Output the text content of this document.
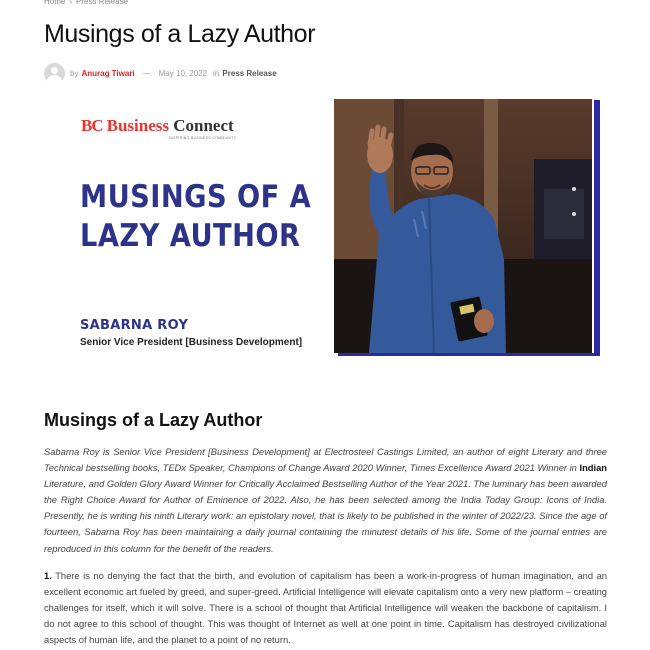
Home › Press Release
Musings of a Lazy Author
by Anurag Tiwari — May 10, 2022 in Press Release
BC Business Connect
INSPIRING BUSINESS COMMUNITY
MUSINGS OF A
LAZY AUTHOR
SABARNA ROY
Senior Vice President [Business Development]
Musings of a Lazy Author

Sabarna Roy is Senior Vice President [Business Development] at Electrosteel Castings Limited, an author of eight Literary and three Technical bestselling books, TEDx Speaker, Champions of Change Award 2020 Winner, Times Excellence Award 2021 Winner in Indian Literature, and Golden Glory Award Winner for Critically Acclaimed Bestselling Author of the Year 2021. The luminary has been awarded the Right Choice Award for Author of Eminence of 2022. Also, he has been selected among the India Today Group: Icons of India. Presently, he is writing his ninth Literary work: an epistolary novel, that is likely to be published in the winter of 2022/23. Since the age of fourteen, Sabarna Roy has been maintaining a daily journal containing the minutest details of his life. Some of the journal entries are reproduced in this column for the benefit of the readers.

1. There is no denying the fact that the birth, and evolution of capitalism has been a work-in-progress of human imagination, and an excellent economic art fueled by greed, and super-greed. Artificial Intelligence will elevate capitalism onto a very new platform – creating challenges for itself, which it will solve. There is a school of thought that Artificial Intelligence will weaken the backbone of capitalism. I do not agree to this school of thought. This was thought of Internet as well at one point in time. Capitalism has destroyed civilizational aspects of human life, and the planet to a point of no return.
